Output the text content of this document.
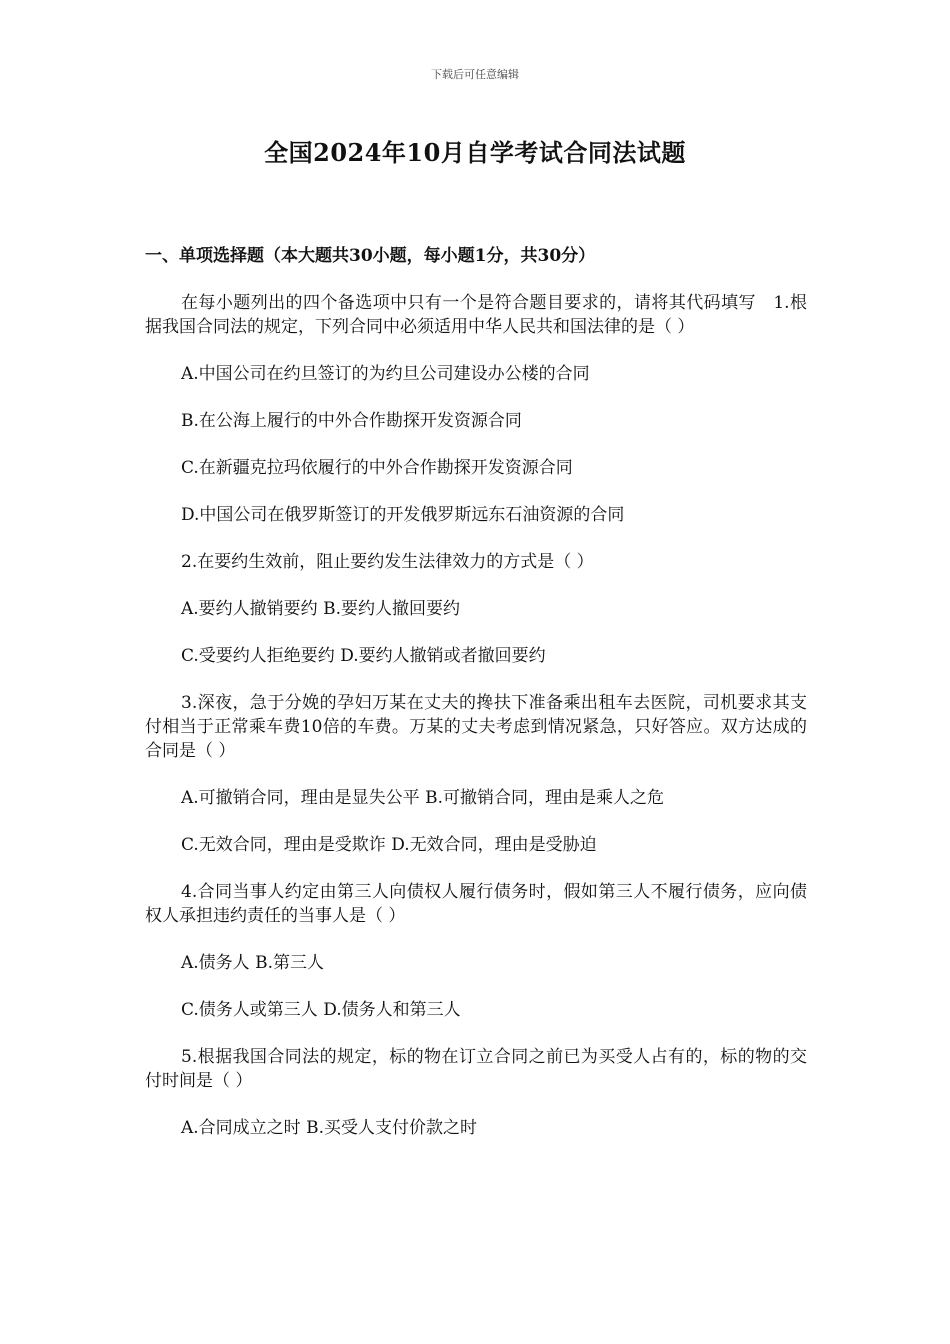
下载后可任意编辑
全国2024年10月自学考试合同法试题
一、单项选择题（本大题共30小题，每小题1分，共30分）
在每小题列出的四个备选项中只有一个是符合题目要求的，请将其代码填写　1.根据我国合同法的规定，下列合同中必须适用中华人民共和国法律的是（ ）
A.中国公司在约旦签订的为约旦公司建设办公楼的合同
B.在公海上履行的中外合作勘探开发资源合同
C.在新疆克拉玛依履行的中外合作勘探开发资源合同
D.中国公司在俄罗斯签订的开发俄罗斯远东石油资源的合同
2.在要约生效前，阻止要约发生法律效力的方式是（ ）
A.要约人撤销要约 B.要约人撤回要约
C.受要约人拒绝要约 D.要约人撤销或者撤回要约
3.深夜，急于分娩的孕妇万某在丈夫的搀扶下准备乘出租车去医院，司机要求其支付相当于正常乘车费10倍的车费。万某的丈夫考虑到情况紧急，只好答应。双方达成的合同是（ ）
A.可撤销合同，理由是显失公平 B.可撤销合同，理由是乘人之危
C.无效合同，理由是受欺诈 D.无效合同，理由是受胁迫
4.合同当事人约定由第三人向债权人履行债务时，假如第三人不履行债务，应向债权人承担违约责任的当事人是（ ）
A.债务人 B.第三人
C.债务人或第三人 D.债务人和第三人
5.根据我国合同法的规定，标的物在订立合同之前已为买受人占有的，标的物的交付时间是（ ）
A.合同成立之时 B.买受人支付价款之时
